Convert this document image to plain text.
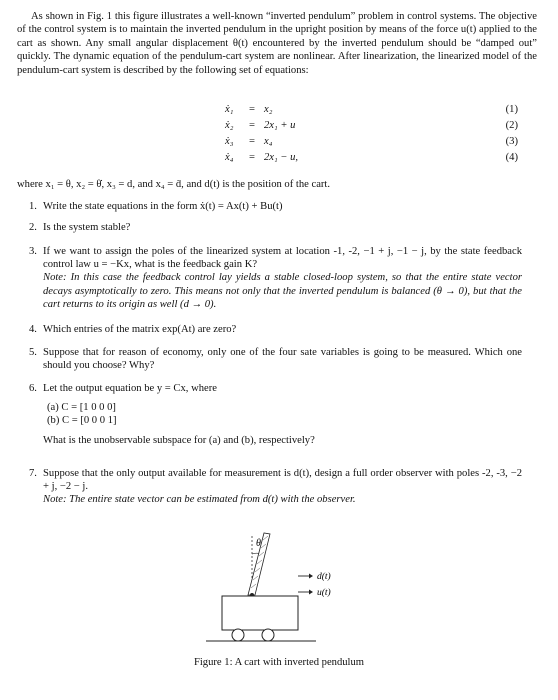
As shown in Fig. 1 this figure illustrates a well-known “inverted pendulum” problem in control systems. The objective of the control system is to maintain the inverted pendulum in the upright position by means of the force u(t) applied to the cart as shown. Any small angular displacement θ(t) encountered by the inverted pendulum should be “damped out” quickly. The dynamic equation of the pendulum-cart system are nonlinear. After linearization, the linearized model of the pendulum-cart system is described by the following set of equations:
ẋ₁ = x₂	(1)
ẋ₂ = 2x₁ + u	(2)
ẋ₃ = x₄	(3)
ẋ₄ = 2x₁ − u,	(4)
where x₁ = θ, x₂ = θ̇, x₃ = d, and x₄ = ḋ, and d(t) is the position of the cart.
1. Write the state equations in the form ẋ(t) = Ax(t) + Bu(t)
2. Is the system stable?
3. If we want to assign the poles of the linearized system at location -1, -2, −1 + j, −1 − j, by the state feedback control law u = −Kx, what is the feedback gain K?
Note: In this case the feedback control lay yields a stable closed-loop system, so that the entire state vector decays asymptotically to zero. This means not only that the inverted pendulum is balanced (θ → 0), but that the cart returns to its origin as well (d → 0).
4. Which entries of the matrix exp(At) are zero?
5. Suppose that for reason of economy, only one of the four sate variables is going to be measured. Which one should you choose? Why?
6. Let the output equation be y = Cx, where
(a) C = [1 0 0 0]
(b) C = [0 0 0 1]
What is the unobservable subspace for (a) and (b), respectively?
7. Suppose that the only output available for measurement is d(t), design a full order observer with poles -2, -3, −2 + j, −2 − j.
Note: The entire state vector can be estimated from d(t) with the observer.
θ
d(t)
u(t)
Figure 1: A cart with inverted pendulum
